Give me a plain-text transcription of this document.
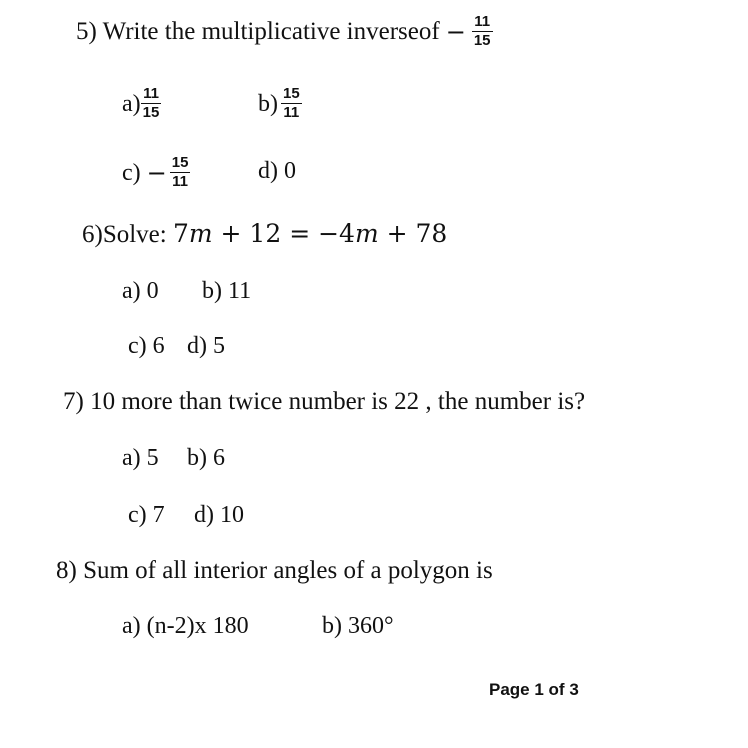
5) Write the multiplicative inverseof − $\frac{11}{15}$
$a) \frac{11}{15}$	$b) \frac{15}{11}$
$c) - \frac{15}{11}$	d) 0
6)Solve: 7m + 12 = −4m + 78
a) 0 b) 11
c) 6 d) 5
7) 10 more than twice number is 22 , the number is?
a) 5 b) 6
c) 7 d) 10
8) Sum of all interior angles of a polygon is
a) (n-2)x 180	b) 360°
Page 1 of 3
